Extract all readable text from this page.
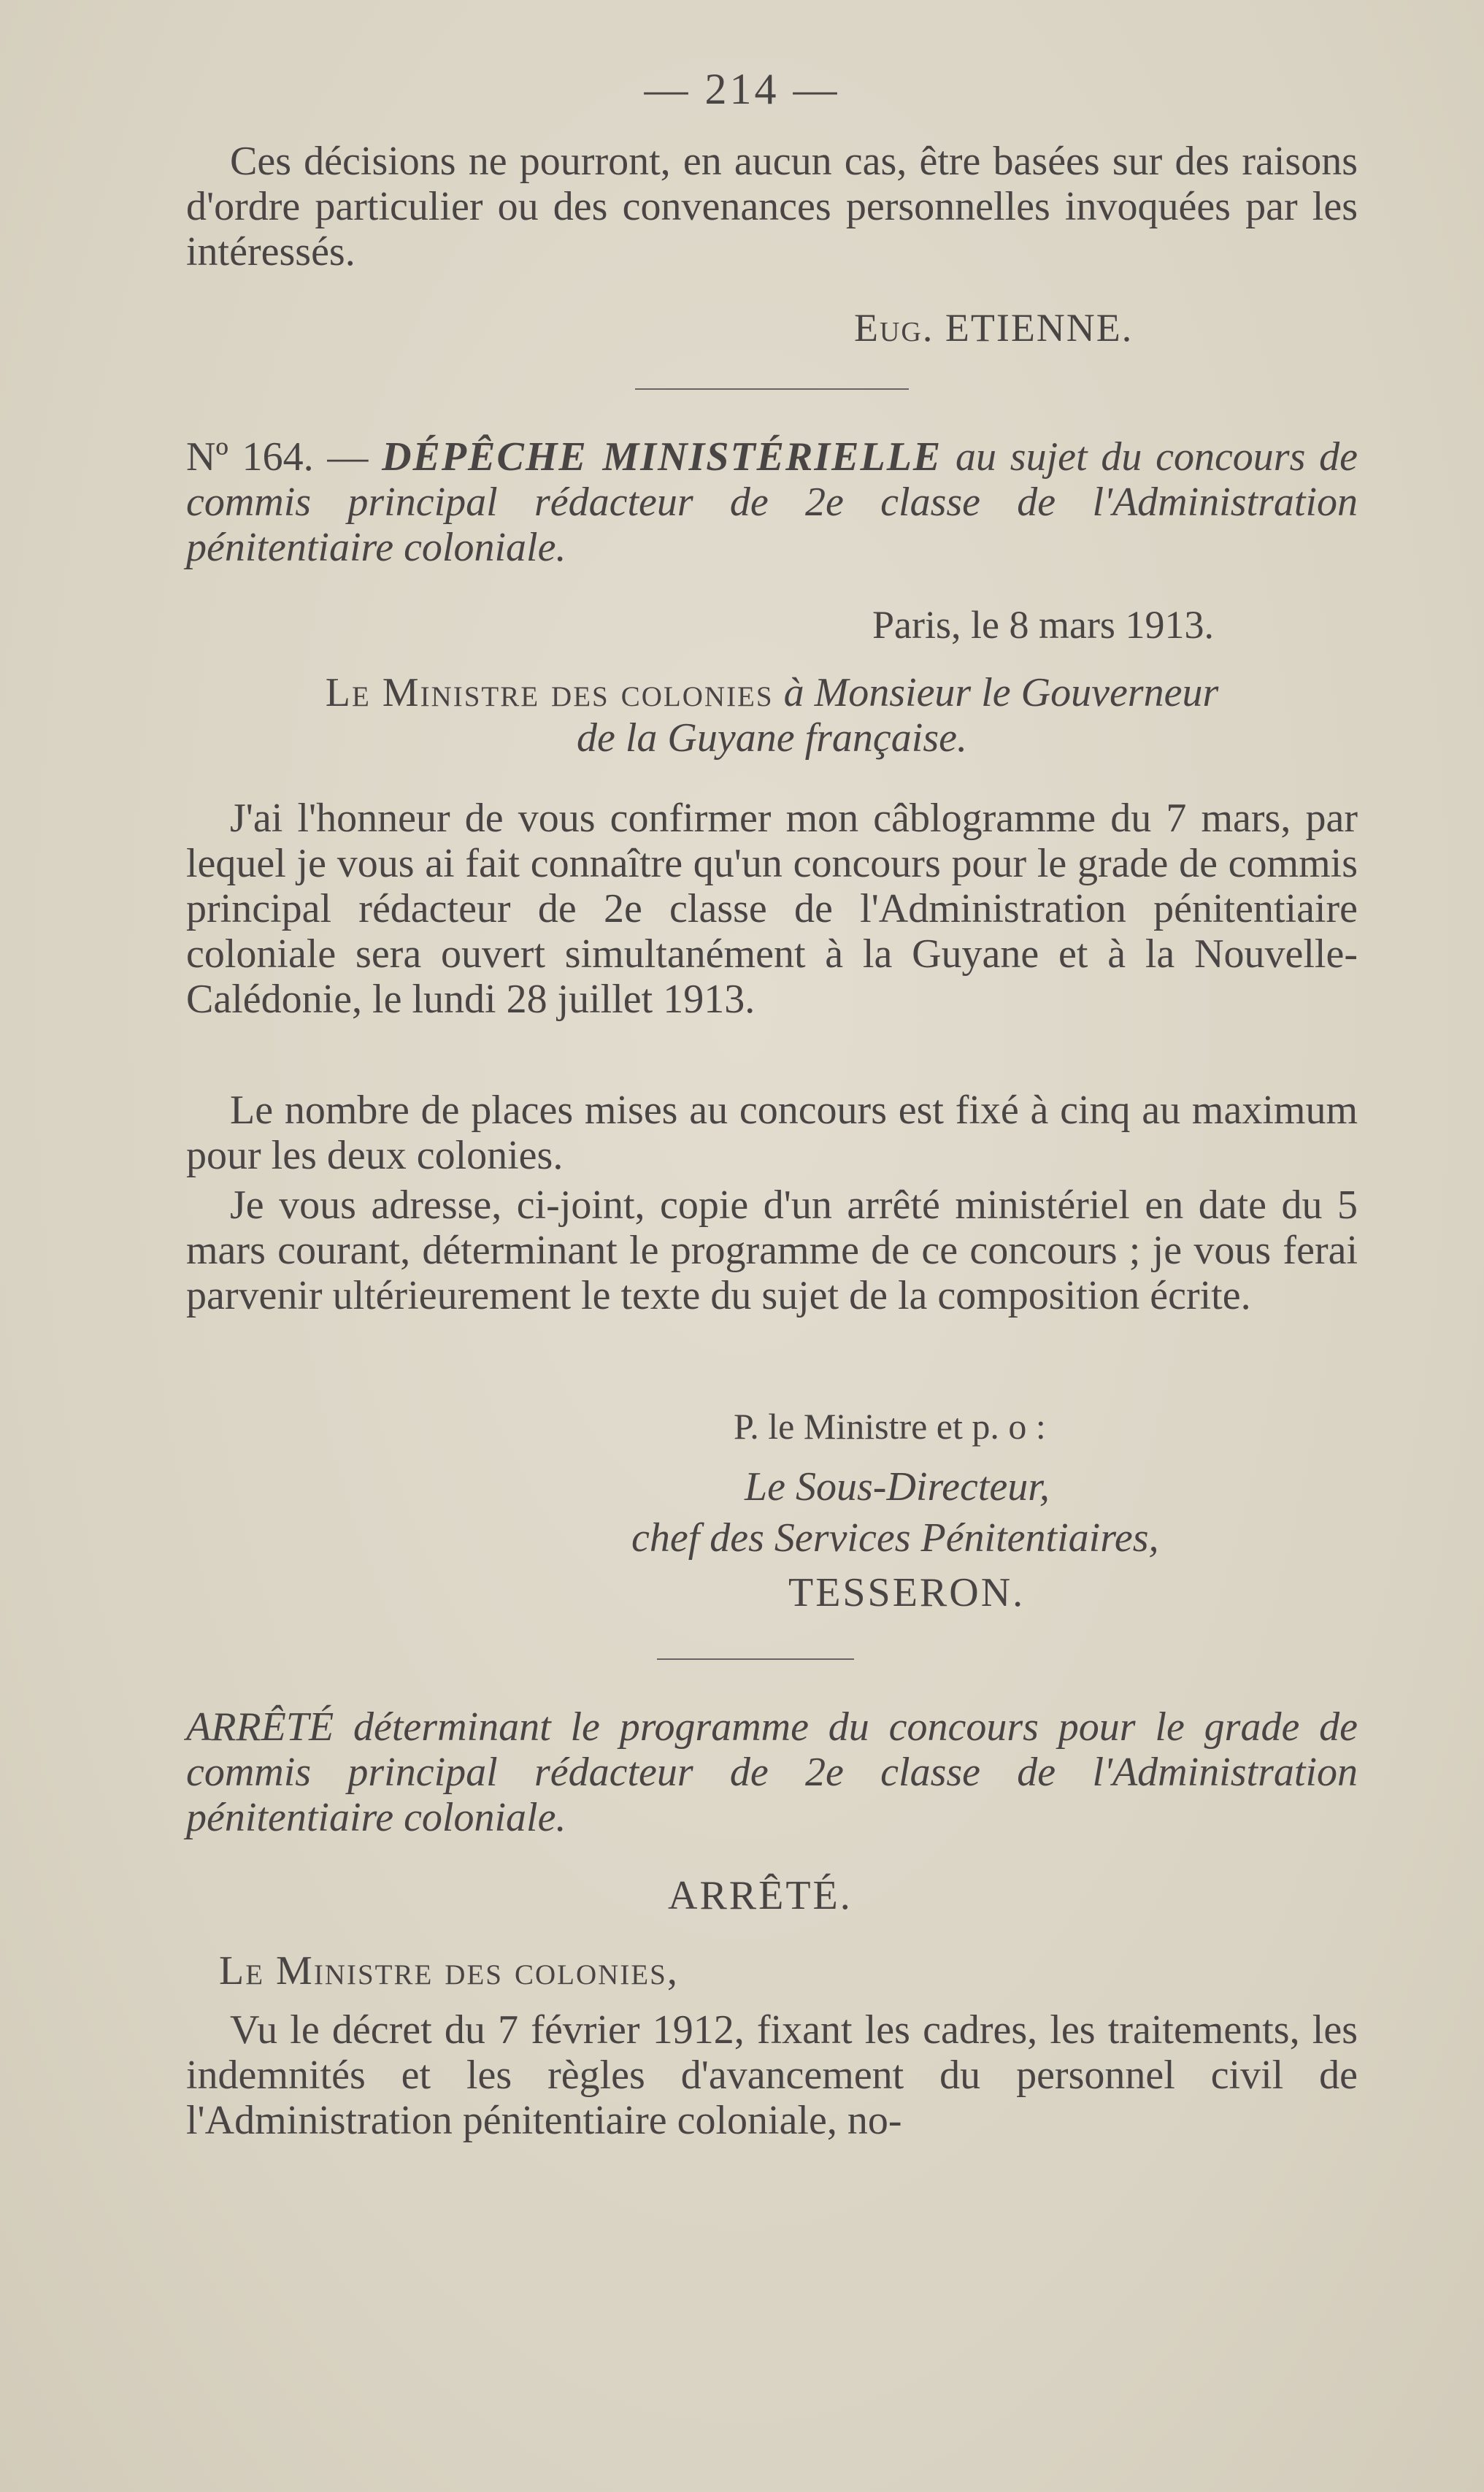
— 214 —

Ces décisions ne pourront, en aucun cas, être basées sur des raisons d'ordre particulier ou des convenances personnelles invoquées par les intéressés.

Eug. ETIENNE.

Nº 164. — DÉPÊCHE MINISTÉRIELLE au sujet du concours de commis principal rédacteur de 2e classe de l'Administration pénitentiaire coloniale.

Paris, le 8 mars 1913.
Le Ministre des colonies à Monsieur le Gouverneur
de la Guyane française.

J'ai l'honneur de vous confirmer mon câblogramme du 7 mars, par lequel je vous ai fait connaître qu'un concours pour le grade de commis principal rédacteur de 2e classe de l'Administration pénitentiaire coloniale sera ouvert simultanément à la Guyane et à la Nouvelle-Calédonie, le lundi 28 juillet 1913.

Le nombre de places mises au concours est fixé à cinq au maximum pour les deux colonies.

Je vous adresse, ci-joint, copie d'un arrêté ministériel en date du 5 mars courant, déterminant le programme de ce concours ; je vous ferai parvenir ultérieurement le texte du sujet de la composition écrite.

P. le Ministre et p. o :
Le Sous-Directeur,
chef des Services Pénitentiaires,
TESSERON.

ARRÊTÉ déterminant le programme du concours pour le grade de commis principal rédacteur de 2e classe de l'Administration pénitentiaire coloniale.

ARRÊTÉ.
Le Ministre des colonies,

Vu le décret du 7 février 1912, fixant les cadres, les traitements, les indemnités et les règles d'avancement du personnel civil de l'Administration pénitentiaire coloniale, no-
